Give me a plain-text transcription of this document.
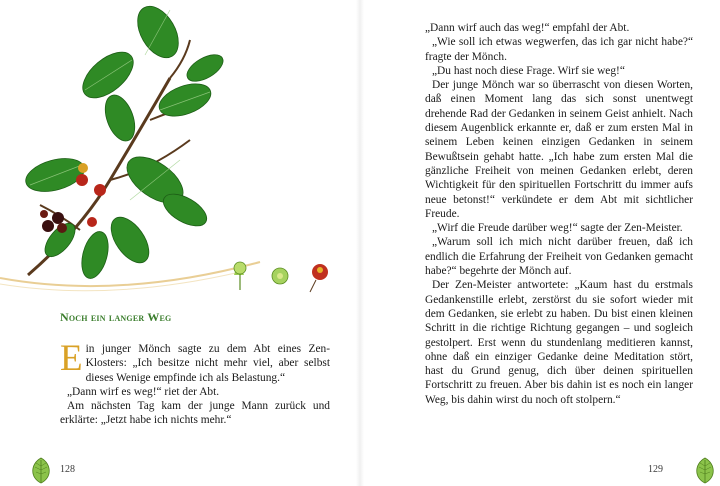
Noch ein langer Weg

Ein junger Mönch sagte zu dem Abt eines Zen-Klosters: „Ich besitze nicht mehr viel, aber selbst dieses Wenige empfinde ich als Belastung.“

„Dann wirf es weg!“ riet der Abt.

Am nächsten Tag kam der junge Mann zurück und erklärte: „Jetzt habe ich nichts mehr.“

128

„Dann wirf auch das weg!“ empfahl der Abt.

„Wie soll ich etwas wegwerfen, das ich gar nicht habe?“ fragte der Mönch.

„Du hast noch diese Frage. Wirf sie weg!“

Der junge Mönch war so überrascht von diesen Worten, daß einen Moment lang das sich sonst unentwegt drehende Rad der Gedanken in seinem Geist anhielt. Nach diesem Augenblick erkannte er, daß er zum ersten Mal in seinem Leben keinen einzigen Gedanken in seinem Bewußtsein gehabt hatte. „Ich habe zum ersten Mal die gänzliche Freiheit von meinen Gedanken erlebt, deren Wichtigkeit für den spirituellen Fortschritt du immer aufs neue betonst!“ verkündete er dem Abt mit sichtlicher Freude.

„Wirf die Freude darüber weg!“ sagte der Zen-Meister.

„Warum soll ich mich nicht darüber freuen, daß ich endlich die Erfahrung der Freiheit von Gedanken gemacht habe?“ begehrte der Mönch auf.

Der Zen-Meister antwortete: „Kaum hast du erstmals Gedankenstille erlebt, zerstörst du sie sofort wieder mit dem Gedanken, sie erlebt zu haben. Du bist einen kleinen Schritt in die richtige Richtung gegangen – und sogleich gestolpert. Erst wenn du stundenlang meditieren kannst, ohne daß ein einziger Gedanke deine Meditation stört, hast du Grund genug, dich über deinen spirituellen Fortschritt zu freuen. Aber bis dahin ist es noch ein langer Weg, bis dahin wirst du noch oft stolpern.“

129
